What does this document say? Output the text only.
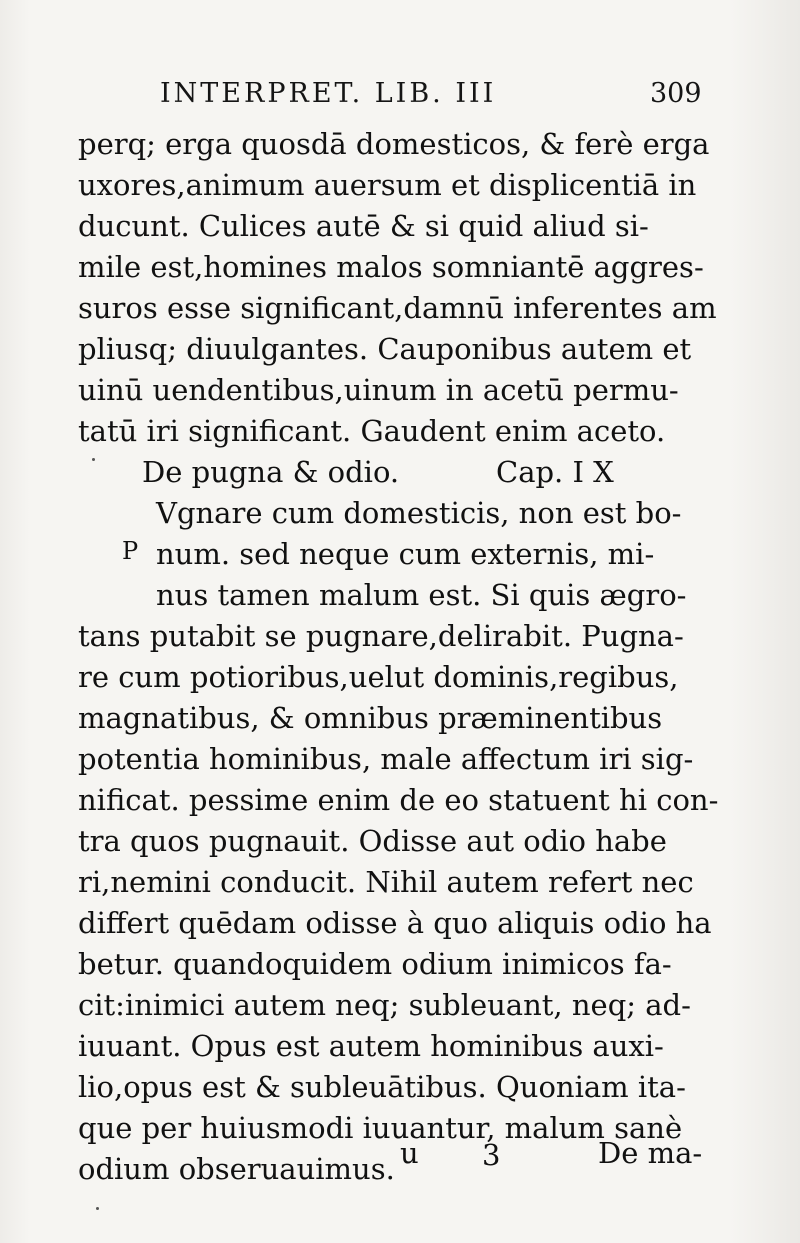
INTERPRET. LIB. III	309
perq; erga quosdā domesticos, & ferè erga
uxores,animum auersum et displicentiā in
ducunt. Culices autē & si quid aliud si-
mile est,homines malos somniantē aggres-
suros esse significant,damnū inferentes am
pliusq; diuulgantes. Cauponibus autem et
uinū uendentibus,uinum in acetū permu-
tatū iri significant. Gaudent enim aceto.
De pugna & odio.	Cap. I X
P
Vgnare cum domesticis, non est bo-
num. sed neque cum externis, mi-
nus tamen malum est. Si quis ægro-
tans putabit se pugnare,delirabit. Pugna-
re cum potioribus,uelut dominis,regibus,
magnatibus, & omnibus præminentibus
potentia hominibus, male affectum iri sig-
nificat. pessime enim de eo statuent hi con-
tra quos pugnauit. Odisse aut odio habe
ri,nemini conducit. Nihil autem refert nec
differt quēdam odisse à quo aliquis odio ha
betur. quandoquidem odium inimicos fa-
cit:inimici autem neq; subleuant, neq; ad-
iuuant. Opus est autem hominibus auxi-
lio,opus est & subleuātibus. Quoniam ita-
que per huiusmodi iuuantur, malum sanè
odium obseruauimus. u 3	De ma-
